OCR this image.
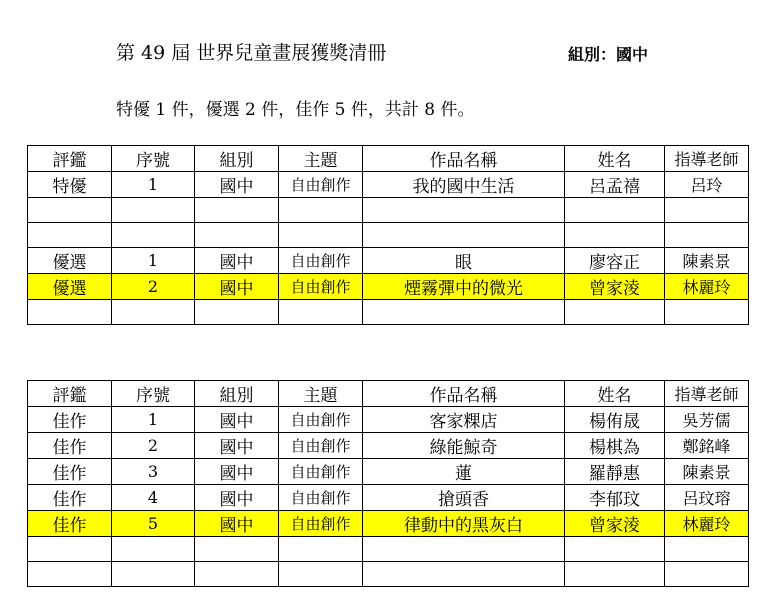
第 49 屆 世界兒童畫展獲獎清冊	組別：國中
特優 1 件，優選 2 件，佳作 5 件，共計 8 件。
評鑑	序號	組別	主題	作品名稱	姓名	指導老師
特優	1	國中	自由創作	我的國中生活	呂孟禧	呂玲

優選	1	國中	自由創作	眼	廖容正	陳素景
優選	2	國中	自由創作	煙霧彈中的微光	曾家淩	林麗玲

評鑑	序號	組別	主題	作品名稱	姓名	指導老師
佳作	1	國中	自由創作	客家粿店	楊侑晟	吳芳儒
佳作	2	國中	自由創作	綠能鯨奇	楊棋為	鄭銘峰
佳作	3	國中	自由創作	蓮	羅靜惠	陳素景
佳作	4	國中	自由創作	搶頭香	李郁玟	呂玟瑢
佳作	5	國中	自由創作	律動中的黑灰白	曾家淩	林麗玲
